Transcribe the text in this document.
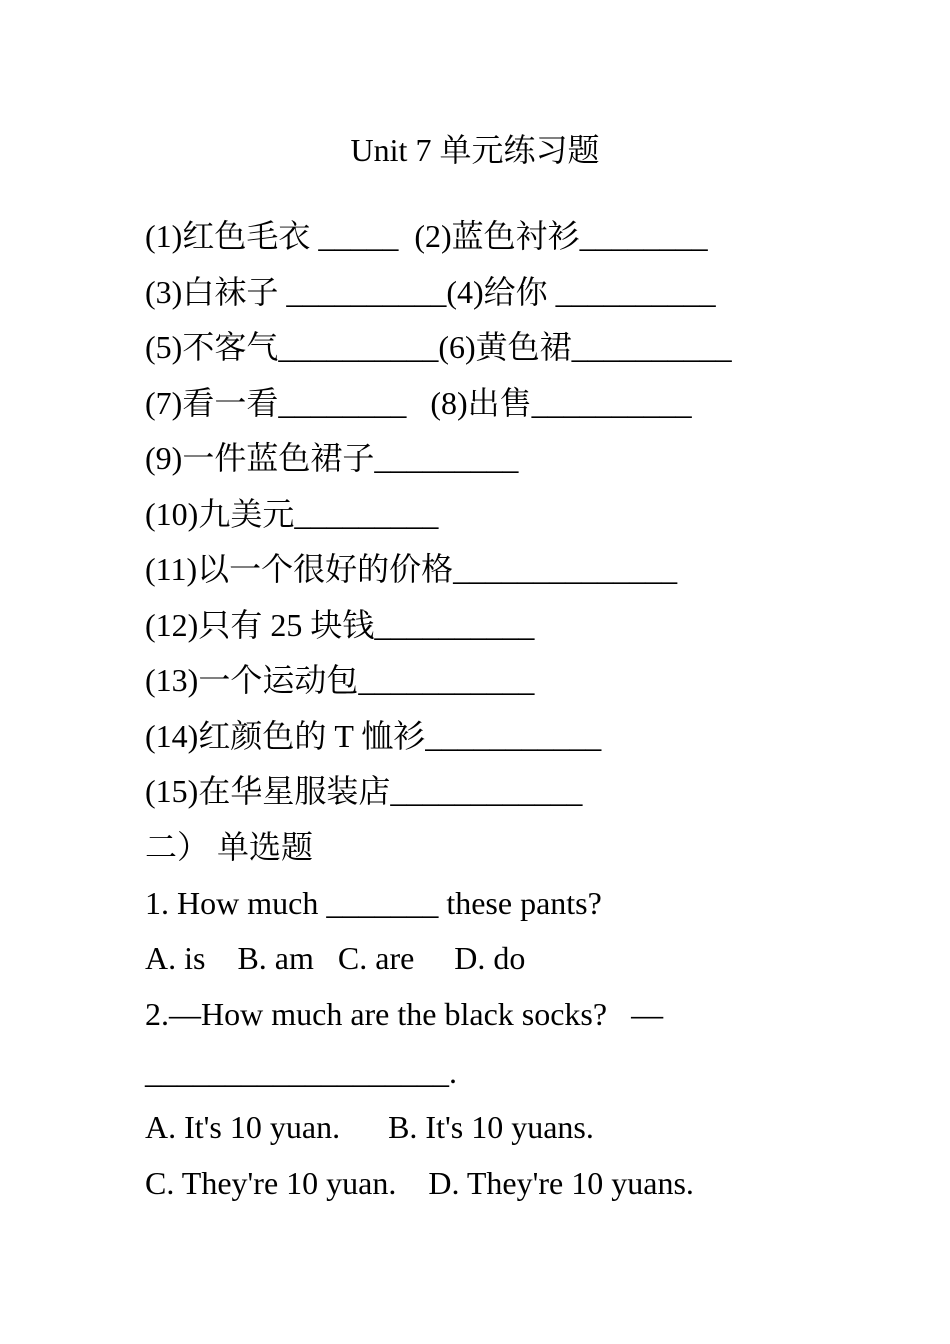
Unit 7 单元练习题
(1)红色毛衣 _____  (2)蓝色衬衫________
(3)白袜子 __________(4)给你 __________
(5)不客气__________(6)黄色裙__________
(7)看一看________   (8)出售__________
(9)一件蓝色裙子_________
(10)九美元_________
(11)以一个很好的价格______________
(12)只有 25 块钱__________
(13)一个运动包___________
(14)红颜色的 T 恤衫___________
(15)在华星服装店____________
二） 单选题
1. How much _______ these pants?
A. is    B. am   C. are     D. do
2.—How much are the black socks?   —
___________________.
A. It's 10 yuan.      B. It's 10 yuans.
C. They're 10 yuan.    D. They're 10 yuans.
